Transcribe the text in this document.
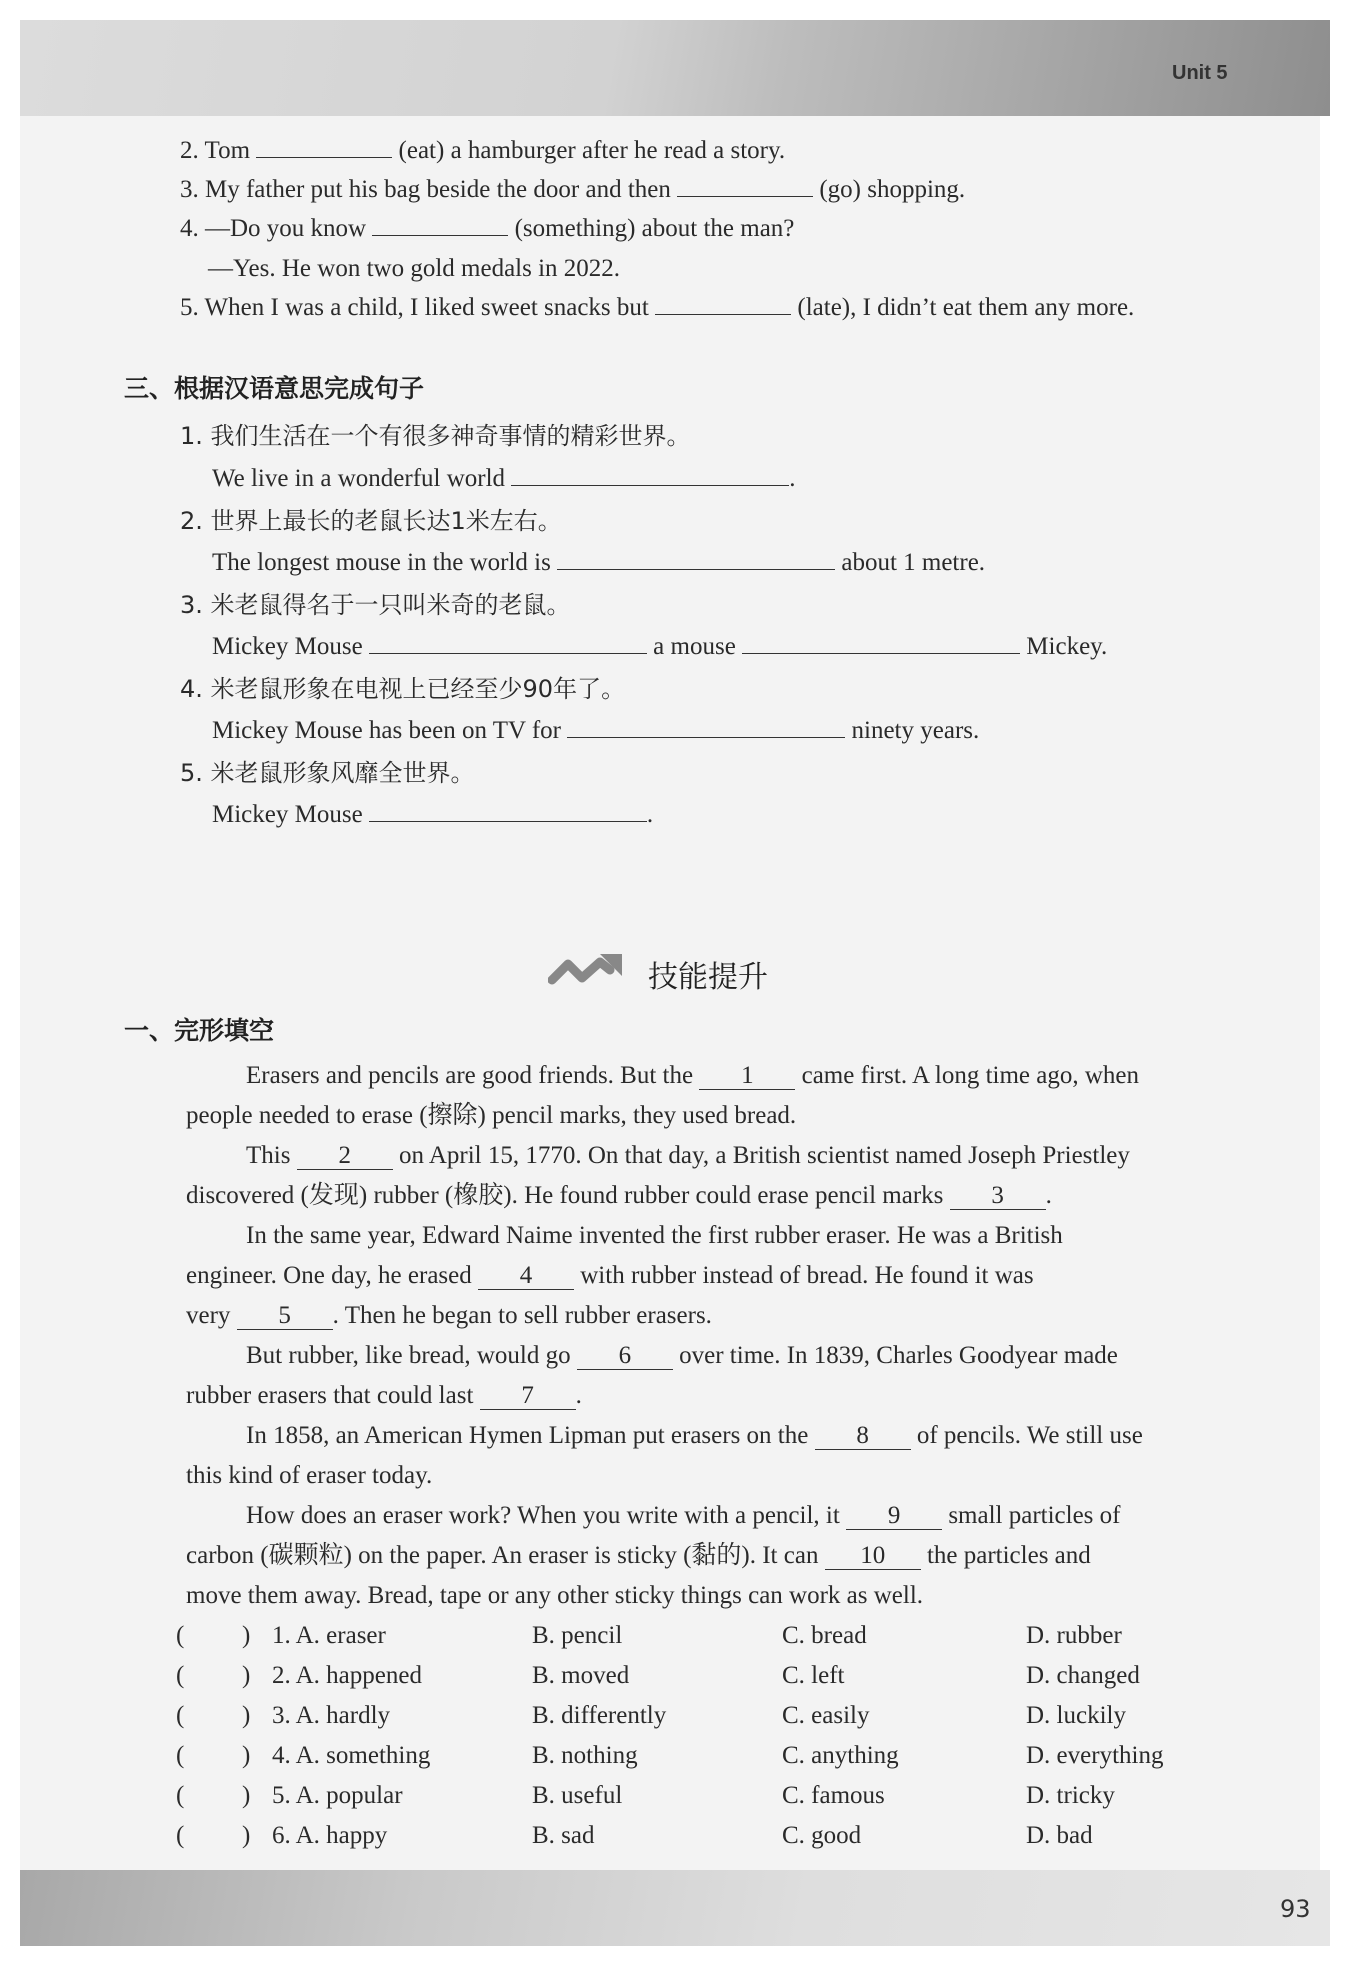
Unit 5
93
2. Tom	(eat) a hamburger after he read a story.
3. My father put his bag beside the door and then	(go) shopping.
4. —Do you know	(something) about the man?
—Yes. He won two gold medals in 2022.
5. When I was a child, I liked sweet snacks but	(late), I didn’t eat them any more.
三、根据汉语意思完成句子
1. 我们生活在一个有很多神奇事情的精彩世界。
We live in a wonderful world	.
2. 世界上最长的老鼠长达1米左右。
The longest mouse in the world is	about 1 metre.
3. 米老鼠得名于一只叫米奇的老鼠。
Mickey Mouse	a mouse	Mickey.
4. 米老鼠形象在电视上已经至少90年了。
Mickey Mouse has been on TV for	ninety years.
5. 米老鼠形象风靡全世界。
Mickey Mouse	.
技能提升
一、完形填空
Erasers and pencils are good friends. But the 1 came first. A long time ago, when
people needed to erase (擦除) pencil marks, they used bread.
This 2 on April 15, 1770. On that day, a British scientist named Joseph Priestley
discovered (发现) rubber (橡胶). He found rubber could erase pencil marks 3 .
In the same year, Edward Naime invented the first rubber eraser. He was a British
engineer. One day, he erased 4 with rubber instead of bread. He found it was
very 5 . Then he began to sell rubber erasers.
But rubber, like bread, would go 6 over time. In 1839, Charles Goodyear made
rubber erasers that could last 7 .
In 1858, an American Hymen Lipman put erasers on the 8 of pencils. We still use
this kind of eraser today.
How does an eraser work? When you write with a pencil, it 9 small particles of
carbon (碳颗粒) on the paper. An eraser is sticky (黏的). It can 10 the particles and
move them away. Bread, tape or any other sticky things can work as well.
( ) 1. A. eraser	B. pencil	C. bread	D. rubber
( ) 2. A. happened	B. moved	C. left	D. changed
( ) 3. A. hardly	B. differently	C. easily	D. luckily
( ) 4. A. something	B. nothing	C. anything	D. everything
( ) 5. A. popular	B. useful	C. famous	D. tricky
( ) 6. A. happy	B. sad	C. good	D. bad
